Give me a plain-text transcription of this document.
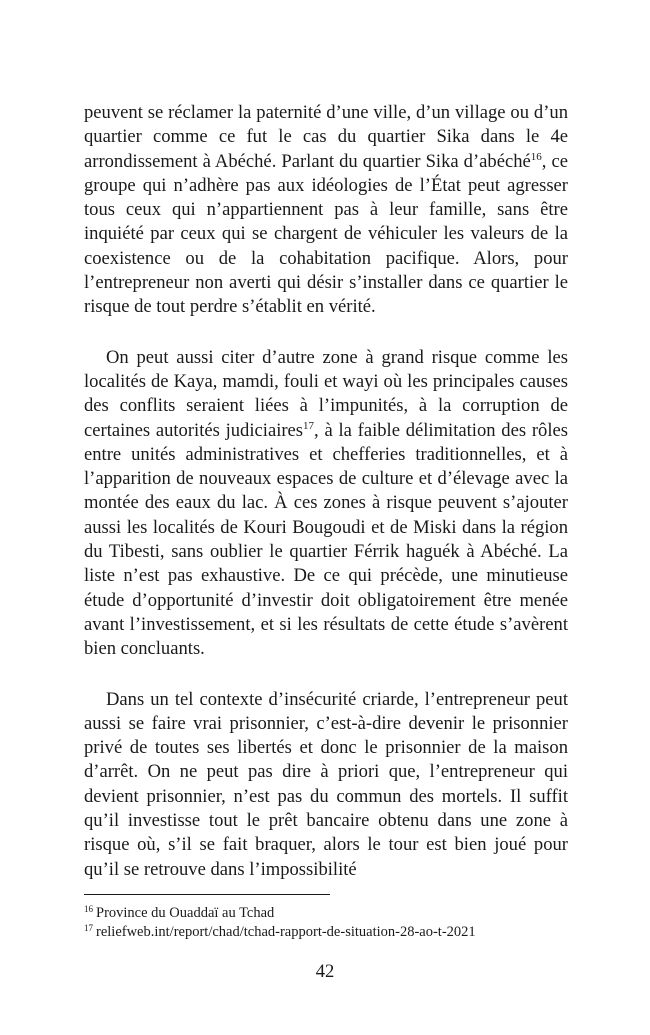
peuvent se réclamer la paternité d’une ville, d’un village ou d’un quartier comme ce fut le cas du quartier Sika dans le 4e arrondissement à Abéché. Parlant du quartier Sika d’abéché$^{16}$, ce groupe qui n’adhère pas aux idéologies de l’État peut agresser tous ceux qui n’appartiennent pas à leur famille, sans être inquiété par ceux qui se chargent de véhiculer les valeurs de la coexistence ou de la cohabitation pacifique. Alors, pour l’entrepreneur non averti qui désir s’installer dans ce quartier le risque de tout perdre s’établit en vérité.

On peut aussi citer d’autre zone à grand risque comme les localités de Kaya, mamdi, fouli et wayi où les principales causes des conflits seraient liées à l’impunités, à la corruption de certaines autorités judiciaires$^{17}$, à la faible délimitation des rôles entre unités administratives et chefferies traditionnelles, et à l’apparition de nouveaux espaces de culture et d’élevage avec la montée des eaux du lac. À ces zones à risque peuvent s’ajouter aussi les localités de Kouri Bougoudi et de Miski dans la région du Tibesti, sans oublier le quartier Férrik haguék à Abéché. La liste n’est pas exhaustive. De ce qui précède, une minutieuse étude d’opportunité d’investir doit obligatoirement être menée avant l’investissement, et si les résultats de cette étude s’avèrent bien concluants.

Dans un tel contexte d’insécurité criarde, l’entrepreneur peut aussi se faire vrai prisonnier, c’est-à-dire devenir le prisonnier privé de toutes ses libertés et donc le prisonnier de la maison d’arrêt. On ne peut pas dire à priori que, l’entrepreneur qui devient prisonnier, n’est pas du commun des mortels. Il suffit qu’il investisse tout le prêt bancaire obtenu dans une zone à risque où, s’il se fait braquer, alors le tour est bien joué pour qu’il se retrouve dans l’impossibilité

$^{16}$ Province du Ouaddaï au Tchad
$^{17}$ reliefweb.int/report/chad/tchad-rapport-de-situation-28-ao-t-2021
42
